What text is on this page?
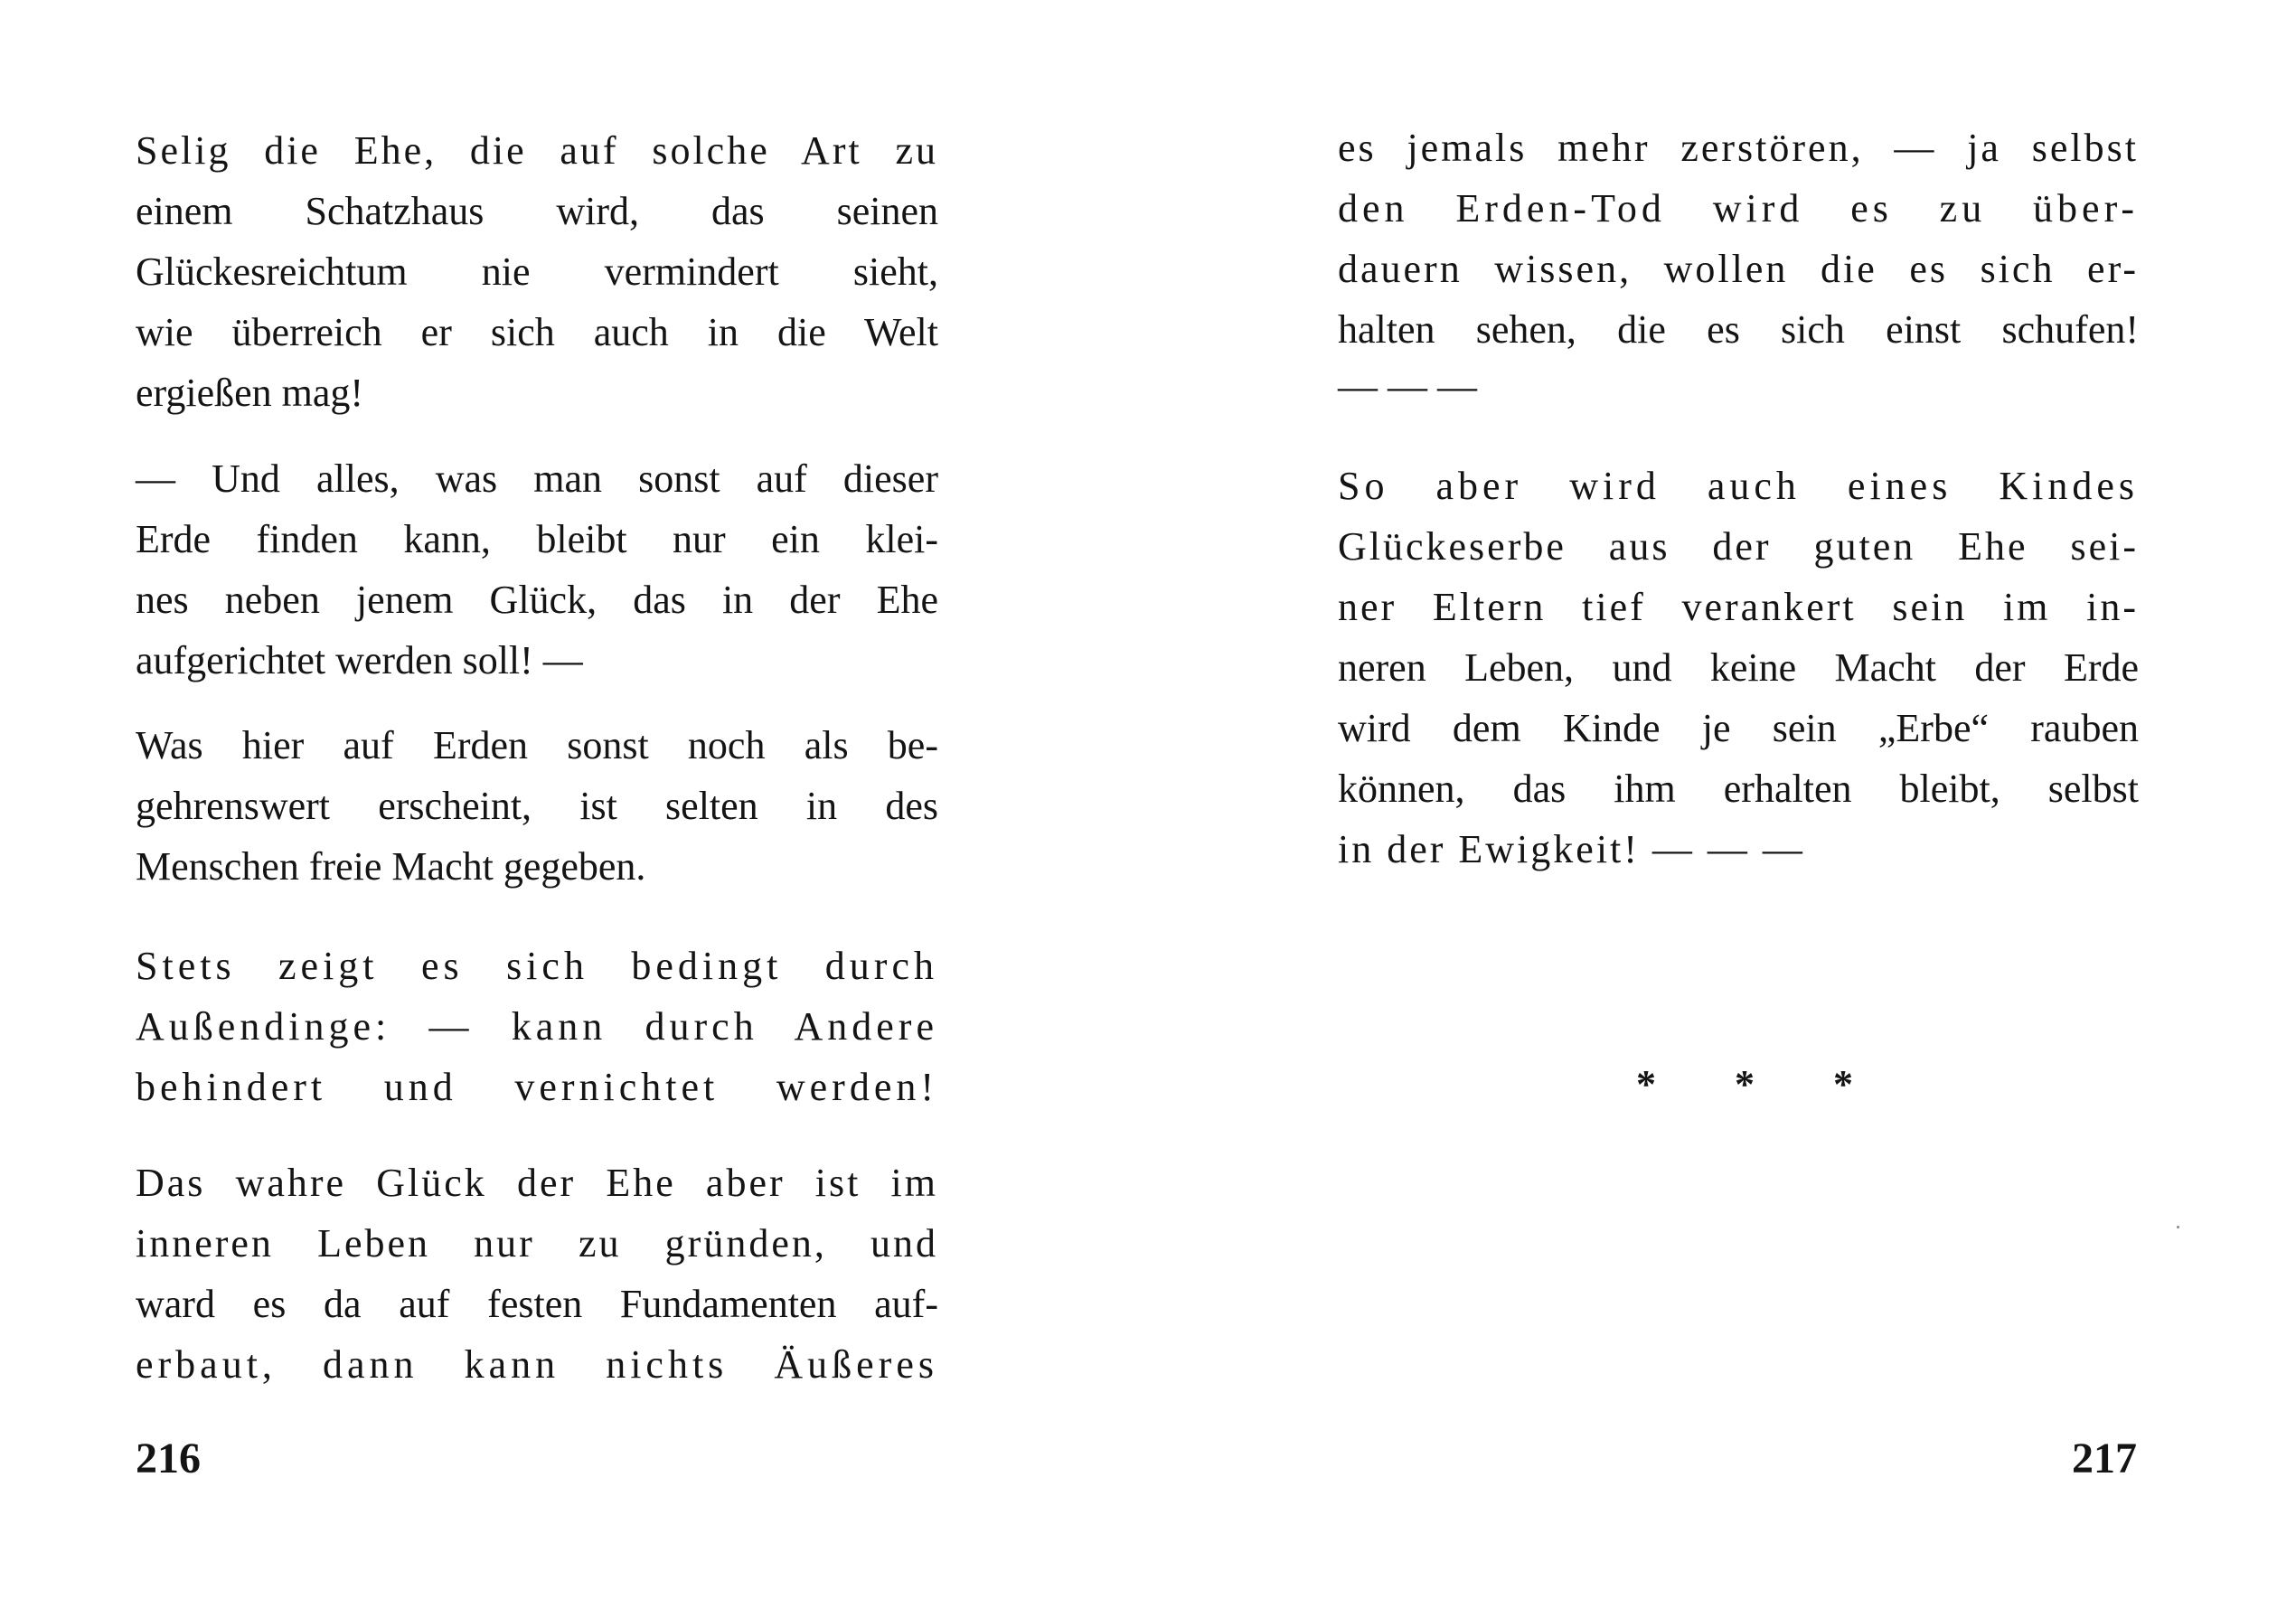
Selig die Ehe, die auf solche Art zu
einem Schatzhaus wird, das seinen
Glückesreichtum nie vermindert sieht,
wie überreich er sich auch in die Welt
ergießen mag!
— Und alles, was man sonst auf dieser
Erde finden kann, bleibt nur ein klei-
nes neben jenem Glück, das in der Ehe
aufgerichtet werden soll! —
Was hier auf Erden sonst noch als be-
gehrenswert erscheint, ist selten in des
Menschen freie Macht gegeben.
Stets zeigt es sich bedingt durch
Außendinge: — kann durch Andere
behindert und vernichtet werden!
Das wahre Glück der Ehe aber ist im
inneren Leben nur zu gründen, und
ward es da auf festen Fundamenten auf-
erbaut, dann kann nichts Äußeres
216
es jemals mehr zerstören, — ja selbst
den Erden-Tod wird es zu über-
dauern wissen, wollen die es sich er-
halten sehen, die es sich einst schufen!
— — —
So aber wird auch eines Kindes
Glückeserbe aus der guten Ehe sei-
ner Eltern tief verankert sein im in-
neren Leben, und keine Macht der Erde
wird dem Kinde je sein „Erbe“ rauben
können, das ihm erhalten bleibt, selbst
in der Ewigkeit! — — —
* * *
217
